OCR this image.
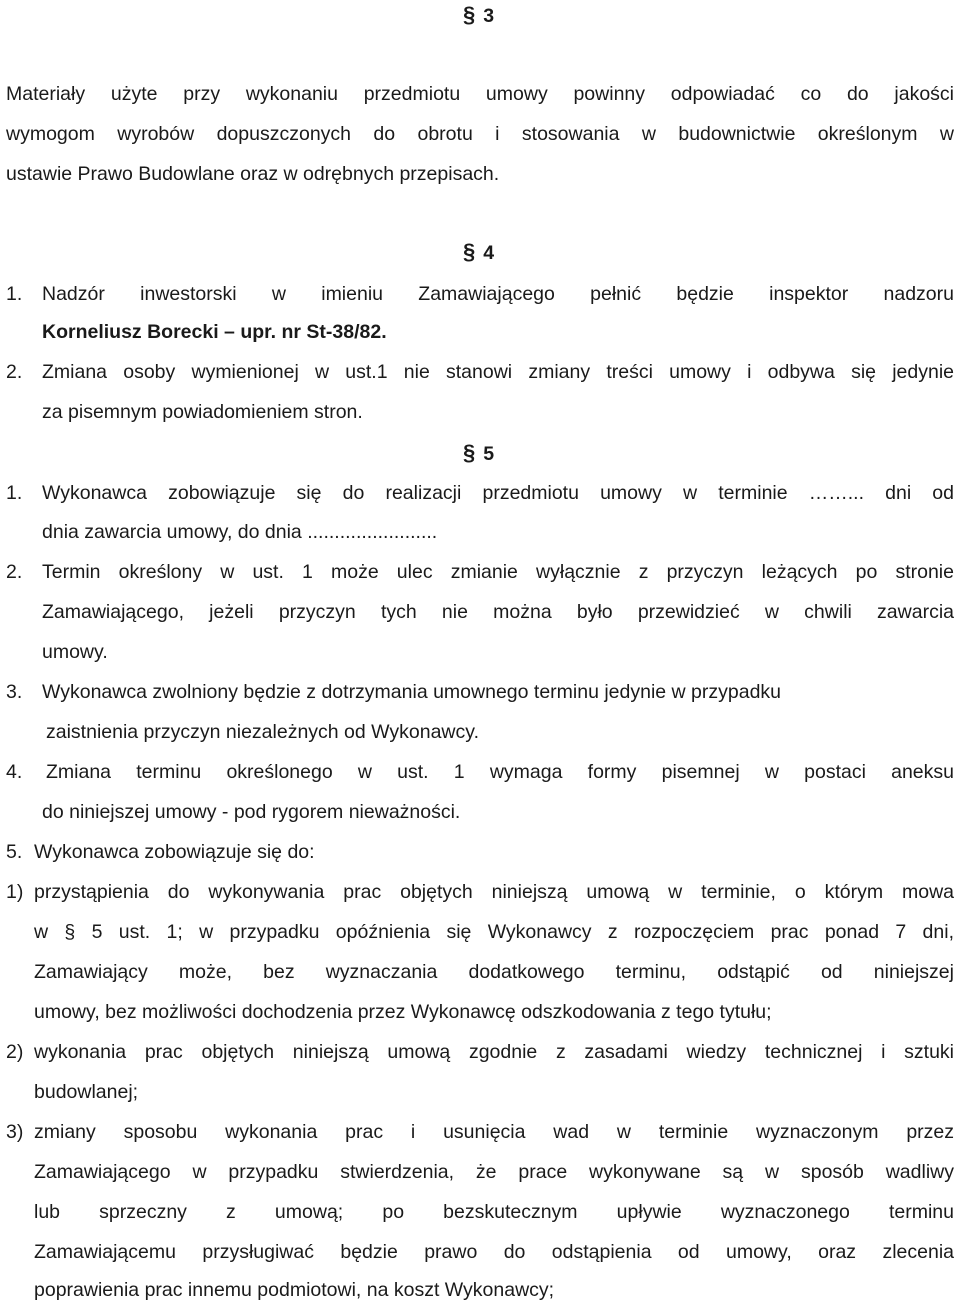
§ 3
Materiały użyte przy wykonaniu przedmiotu umowy powinny odpowiadać co do jakości
wymogom wyrobów dopuszczonych do obrotu i stosowania w budownictwie określonym w
ustawie Prawo Budowlane oraz w odrębnych przepisach.
§ 4
1. Nadzór inwestorski w imieniu Zamawiającego pełnić będzie inspektor nadzoru
Korneliusz Borecki – upr. nr St-38/82.
2. Zmiana osoby wymienionej w ust.1 nie stanowi zmiany treści umowy i odbywa się jedynie
za pisemnym powiadomieniem stron.
§ 5
1. Wykonawca zobowiązuje się do realizacji przedmiotu umowy w terminie ……... dni od
dnia zawarcia umowy, do dnia ........................
2. Termin określony w ust. 1 może ulec zmianie wyłącznie z przyczyn leżących po stronie
Zamawiającego, jeżeli przyczyn tych nie można było przewidzieć w chwili zawarcia
umowy.
3. Wykonawca zwolniony będzie z dotrzymania umownego terminu jedynie w przypadku
zaistnienia przyczyn niezależnych od Wykonawcy.
4. Zmiana terminu określonego w ust. 1 wymaga formy pisemnej w postaci aneksu
do niniejszej umowy - pod rygorem nieważności.
5. Wykonawca zobowiązuje się do:
1) przystąpienia do wykonywania prac objętych niniejszą umową w terminie, o którym mowa
w § 5 ust. 1; w przypadku opóźnienia się Wykonawcy z rozpoczęciem prac ponad 7 dni,
Zamawiający może, bez wyznaczania dodatkowego terminu, odstąpić od niniejszej
umowy, bez możliwości dochodzenia przez Wykonawcę odszkodowania z tego tytułu;
2) wykonania prac objętych niniejszą umową zgodnie z zasadami wiedzy technicznej i sztuki
budowlanej;
3) zmiany sposobu wykonania prac i usunięcia wad w terminie wyznaczonym przez
Zamawiającego w przypadku stwierdzenia, że prace wykonywane są w sposób wadliwy
lub sprzeczny z umową; po bezskutecznym upływie wyznaczonego terminu
Zamawiającemu przysługiwać będzie prawo do odstąpienia od umowy, oraz zlecenia
poprawienia prac innemu podmiotowi, na koszt Wykonawcy;
